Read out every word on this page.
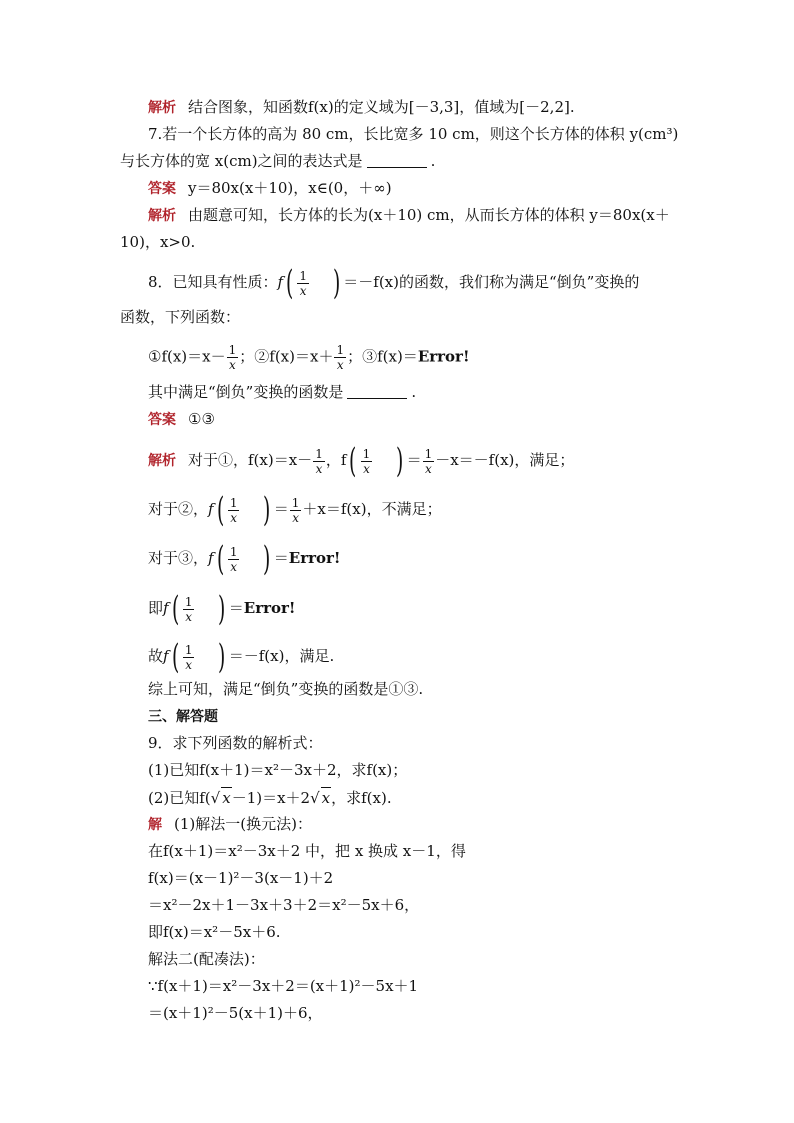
解析 结合图象，知函数f(x)的定义域为[－3,3]，值域为[－2,2].
7.若一个长方体的高为 80 cm，长比宽多 10 cm，则这个长方体的体积 y(cm³)
与长方体的宽 x(cm)之间的表达式是	.
答案 y＝80x(x＋10)，x∈(0，＋∞)
解析 由题意可知，长方体的长为(x＋10) cm，从而长方体的体积 y＝80x(x＋
10)，x>0.
8．已知具有性质：$f( \frac{1}{x}$ ) ＝－f(x)的函数，我们称为满足“倒负”变换的
函数，下列函数：
①f(x)＝x－ $\frac{1}{x}$ ；②f(x)＝x＋ $\frac{1}{x}$ ；③f(x)＝Error!
其中满足“倒负”变换的函数是	.
答案 ①③
解析 对于①，$f(x)=x- \frac{1}{x}$ ，$f( \frac{1}{x}$ ) ＝ $\frac{1}{x} -x=-f(x)$，满足；
对于②，$f( \frac{1}{x}$ ) ＝ $\frac{1}{x} +x=f(x)$，不满足；
对于③，$f( \frac{1}{x}$ ) ＝Error!
即$f( \frac{1}{x}$ ) ＝Error!
故$f( \frac{1}{x}$ ) ＝－f(x)，满足.
综上可知，满足“倒负”变换的函数是①③.
三、解答题
9．求下列函数的解析式：
(1)已知f(x＋1)＝x²－3x＋2，求f(x)；
(2)已知f(√ x－1)＝x＋2√ x，求f(x).
解 (1)解法一(换元法)：
在f(x＋1)＝x²－3x＋2 中，把 x 换成 x－1，得
f(x)＝(x－1)²－3(x－1)＋2
＝x²－2x＋1－3x＋3＋2＝x²－5x＋6，
即f(x)＝x²－5x＋6.
解法二(配凑法)：
∵f(x＋1)＝x²－3x＋2＝(x＋1)²－5x＋1
＝(x＋1)²－5(x＋1)＋6，
